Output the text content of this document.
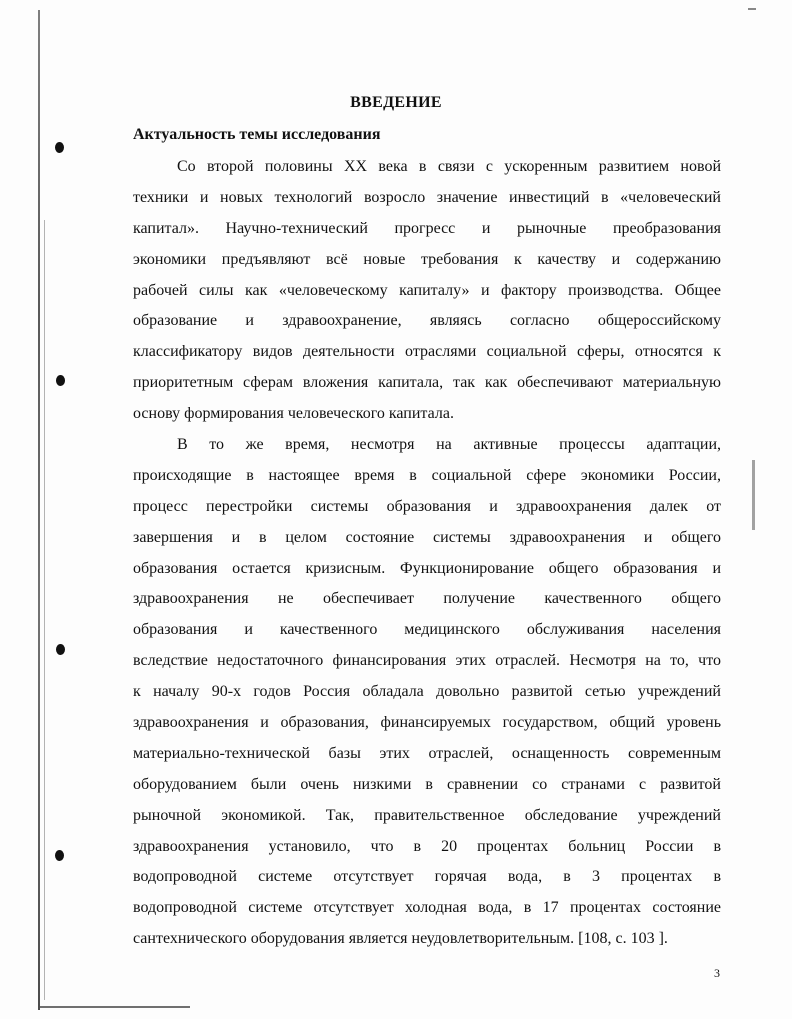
ВВЕДЕНИЕ
Актуальность темы исследования
Со второй половины XX века в связи с ускоренным развитием новой
техники и новых технологий возросло значение инвестиций в «человеческий
капитал». Научно-технический прогресс и рыночные преобразования
экономики предъявляют всё новые требования к качеству и содержанию
рабочей силы как «человеческому капиталу» и фактору производства. Общее
образование и здравоохранение, являясь согласно общероссийскому
классификатору видов деятельности отраслями социальной сферы, относятся к
приоритетным сферам вложения капитала, так как обеспечивают материальную
основу формирования человеческого капитала.
В то же время, несмотря на активные процессы адаптации,
происходящие в настоящее время в социальной сфере экономики России,
процесс перестройки системы образования и здравоохранения далек от
завершения и в целом состояние системы здравоохранения и общего
образования остается кризисным. Функционирование общего образования и
здравоохранения не обеспечивает получение качественного общего
образования и качественного медицинского обслуживания населения
вследствие недостаточного финансирования этих отраслей. Несмотря на то, что
к началу 90-х годов Россия обладала довольно развитой сетью учреждений
здравоохранения и образования, финансируемых государством, общий уровень
материально-технической базы этих отраслей, оснащенность современным
оборудованием были очень низкими в сравнении со странами с развитой
рыночной экономикой. Так, правительственное обследование учреждений
здравоохранения установило, что в 20 процентах больниц России в
водопроводной системе отсутствует горячая вода, в 3 процентах в
водопроводной системе отсутствует холодная вода, в 17 процентах состояние
сантехнического оборудования является неудовлетворительным. [108, с. 103 ].
3
